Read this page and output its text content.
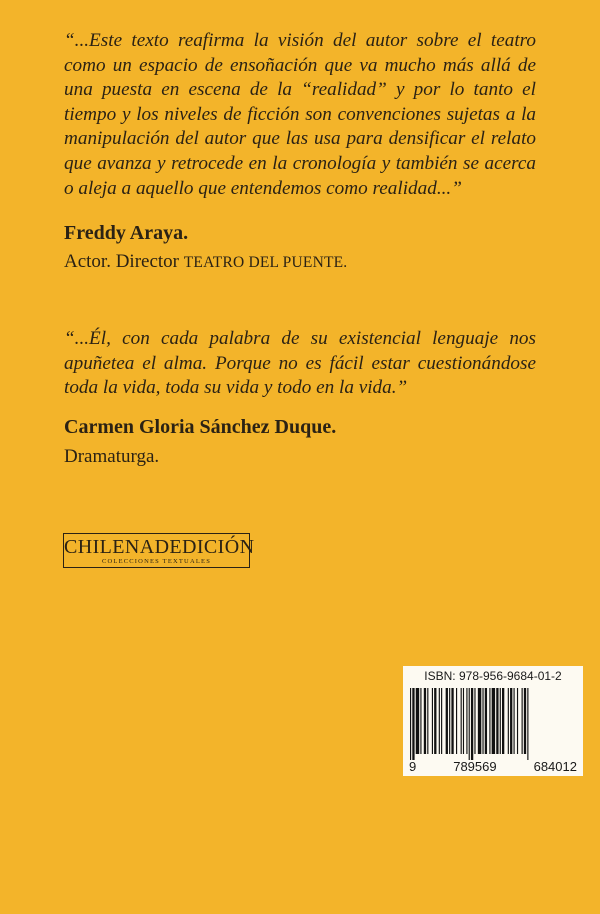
“...Este texto reafirma la visión del autor sobre el teatro como un espacio de ensoñación que va mucho más allá de una puesta en escena de la “realidad” y por lo tanto el tiempo y los niveles de ficción son convenciones sujetas a la manipulación del autor que las usa para densificar el relato que avanza y retrocede en la cronología y también se acerca o aleja a aquello que entendemos como realidad...”

Freddy Araya.

Actor. Director TEATRO DEL PUENTE.

“...Él, con cada palabra de su existencial lenguaje nos apuñetea el alma. Porque no es fácil estar cuestionándose toda la vida, toda su vida y todo en la vida.”

Carmen Gloria Sánchez Duque.

Dramaturga.

CHILENADEDICIÓN
COLECCIONES TEXTUALES
ISBN: 978-956-9684-01-2
9	789569	684012
